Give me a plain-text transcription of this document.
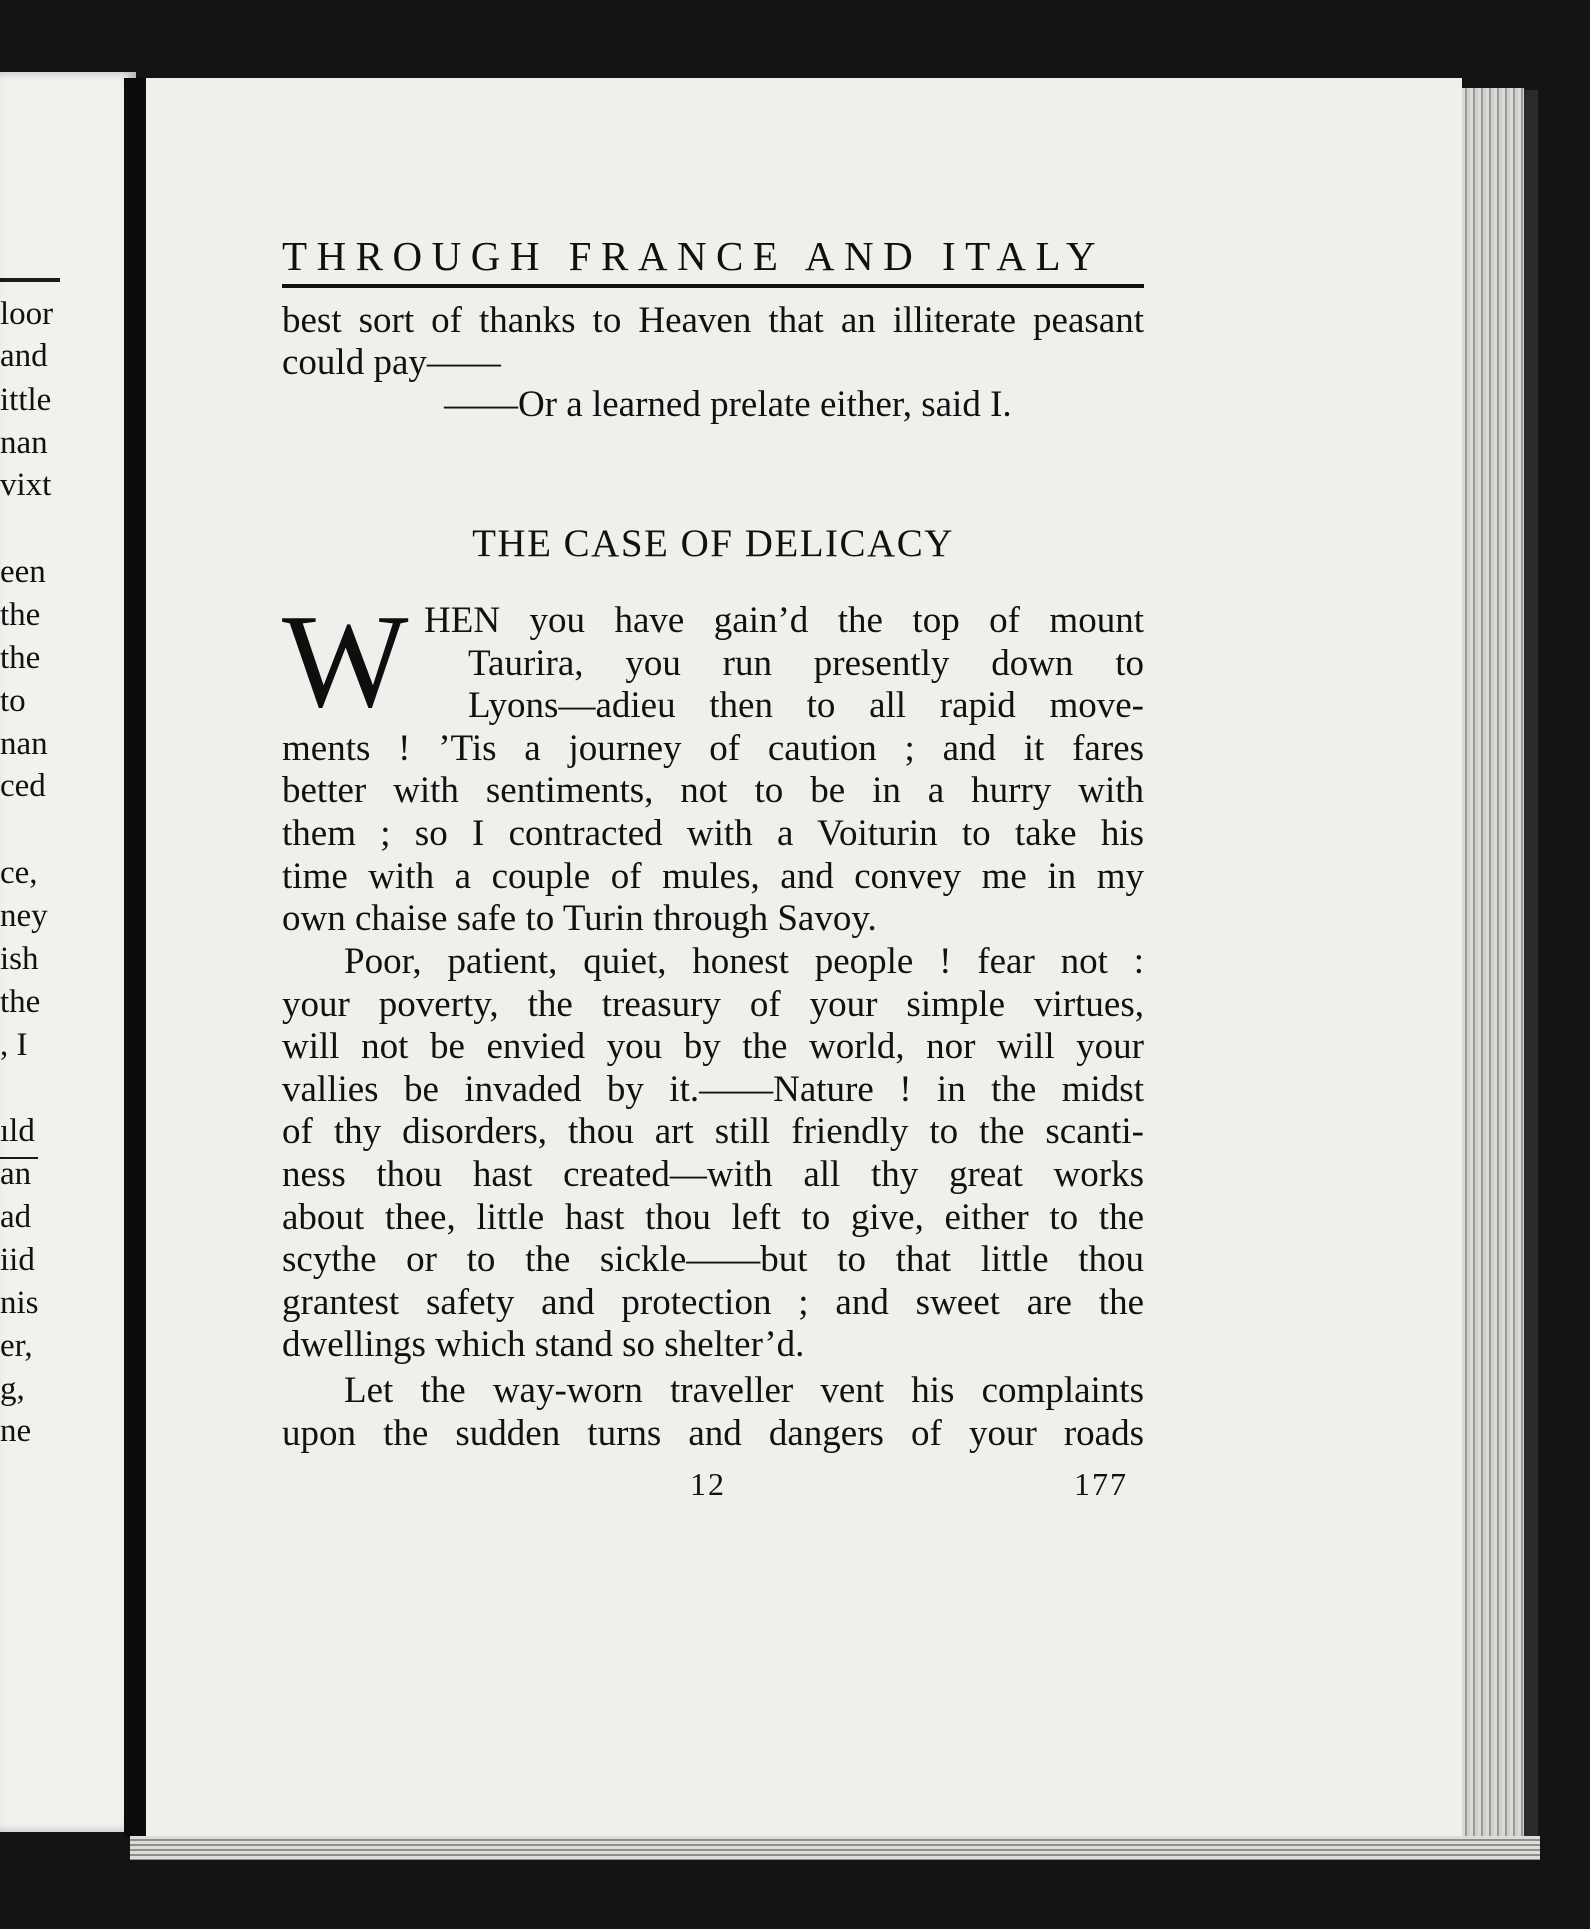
loor
and
ittle
nan
vixt
een
the
the
to
nan
ced
ce,
ney
ish
the
, I
ıld
an
ad
iid
nis
er,
g,
ne
THROUGH FRANCE AND ITALY
best sort of thanks to Heaven that an illiterate peasant
could pay——
——Or a learned prelate either, said I.
THE CASE OF DELICACY
W HEN you have gain’d the top of mount
Taurira, you run presently down to
Lyons—adieu then to all rapid move-
ments ! ’Tis a journey of caution ; and it fares
better with sentiments, not to be in a hurry with
them ; so I contracted with a Voiturin to take his
time with a couple of mules, and convey me in my
own chaise safe to Turin through Savoy.
Poor, patient, quiet, honest people ! fear not :
your poverty, the treasury of your simple virtues,
will not be envied you by the world, nor will your
vallies be invaded by it.——Nature ! in the midst
of thy disorders, thou art still friendly to the scanti-
ness thou hast created—with all thy great works
about thee, little hast thou left to give, either to the
scythe or to the sickle——but to that little thou
grantest safety and protection ; and sweet are the
dwellings which stand so shelter’d.
Let the way-worn traveller vent his complaints
upon the sudden turns and dangers of your roads
12	177
